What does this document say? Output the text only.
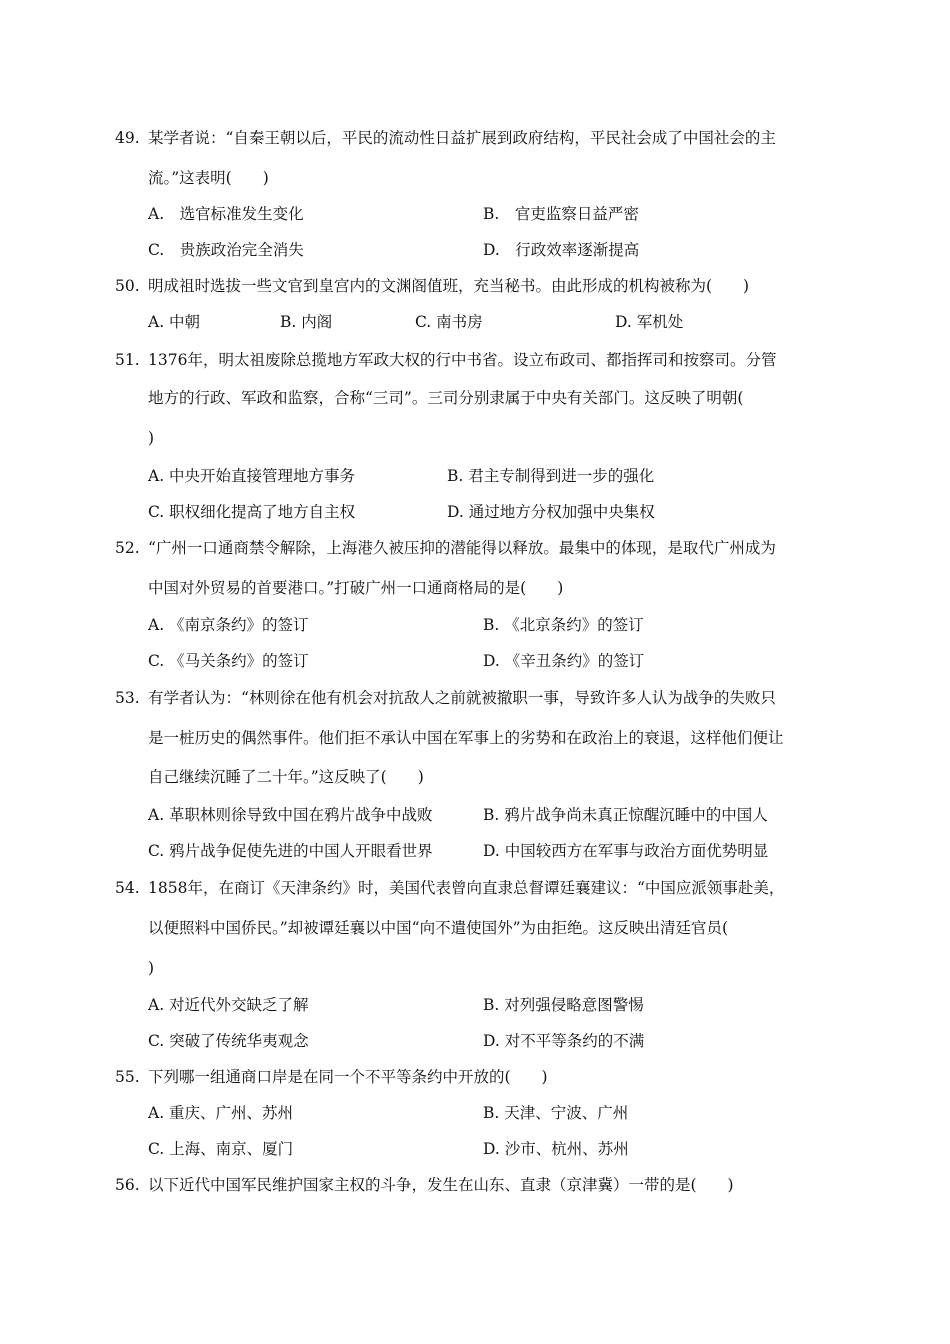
49. 某学者说：“自秦王朝以后，平民的流动性日益扩展到政府结构，平民社会成了中国社会的主
流。”这表明(　　)
A.　选官标准发生变化	B.　官吏监察日益严密
C.　贵族政治完全消失	D.　行政效率逐渐提高
50. 明成祖时选拔一些文官到皇宫内的文渊阁值班，充当秘书。由此形成的机构被称为(　　)
A. 中朝	B. 内阁	C. 南书房	D. 军机处
51. 1376年，明太祖废除总揽地方军政大权的行中书省。设立布政司、都指挥司和按察司。分管
地方的行政、军政和监察，合称“三司”。三司分别隶属于中央有关部门。这反映了明朝(
)
A. 中央开始直接管理地方事务	B. 君主专制得到进一步的强化
C. 职权细化提高了地方自主权	D. 通过地方分权加强中央集权
52. “广州一口通商禁令解除，上海港久被压抑的潜能得以释放。最集中的体现，是取代广州成为
中国对外贸易的首要港口。”打破广州一口通商格局的是(　　)
A. 《南京条约》的签订	B. 《北京条约》的签订
C. 《马关条约》的签订	D. 《辛丑条约》的签订
53. 有学者认为：“林则徐在他有机会对抗敌人之前就被撤职一事，导致许多人认为战争的失败只
是一桩历史的偶然事件。他们拒不承认中国在军事上的劣势和在政治上的衰退，这样他们便让
自己继续沉睡了二十年。”这反映了(　　)
A. 革职林则徐导致中国在鸦片战争中战败	B. 鸦片战争尚未真正惊醒沉睡中的中国人
C. 鸦片战争促使先进的中国人开眼看世界	D. 中国较西方在军事与政治方面优势明显
54. 1858年，在商订《天津条约》时，美国代表曾向直隶总督谭廷襄建议：“中国应派领事赴美，
以便照料中国侨民。”却被谭廷襄以中国“向不遣使国外”为由拒绝。这反映出清廷官员(
)
A. 对近代外交缺乏了解	B. 对列强侵略意图警惕
C. 突破了传统华夷观念	D. 对不平等条约的不满
55. 下列哪一组通商口岸是在同一个不平等条约中开放的(　　)
A. 重庆、广州、苏州	B. 天津、宁波、广州
C. 上海、南京、厦门	D. 沙市、杭州、苏州
56. 以下近代中国军民维护国家主权的斗争，发生在山东、直隶（京津冀）一带的是(　　)
